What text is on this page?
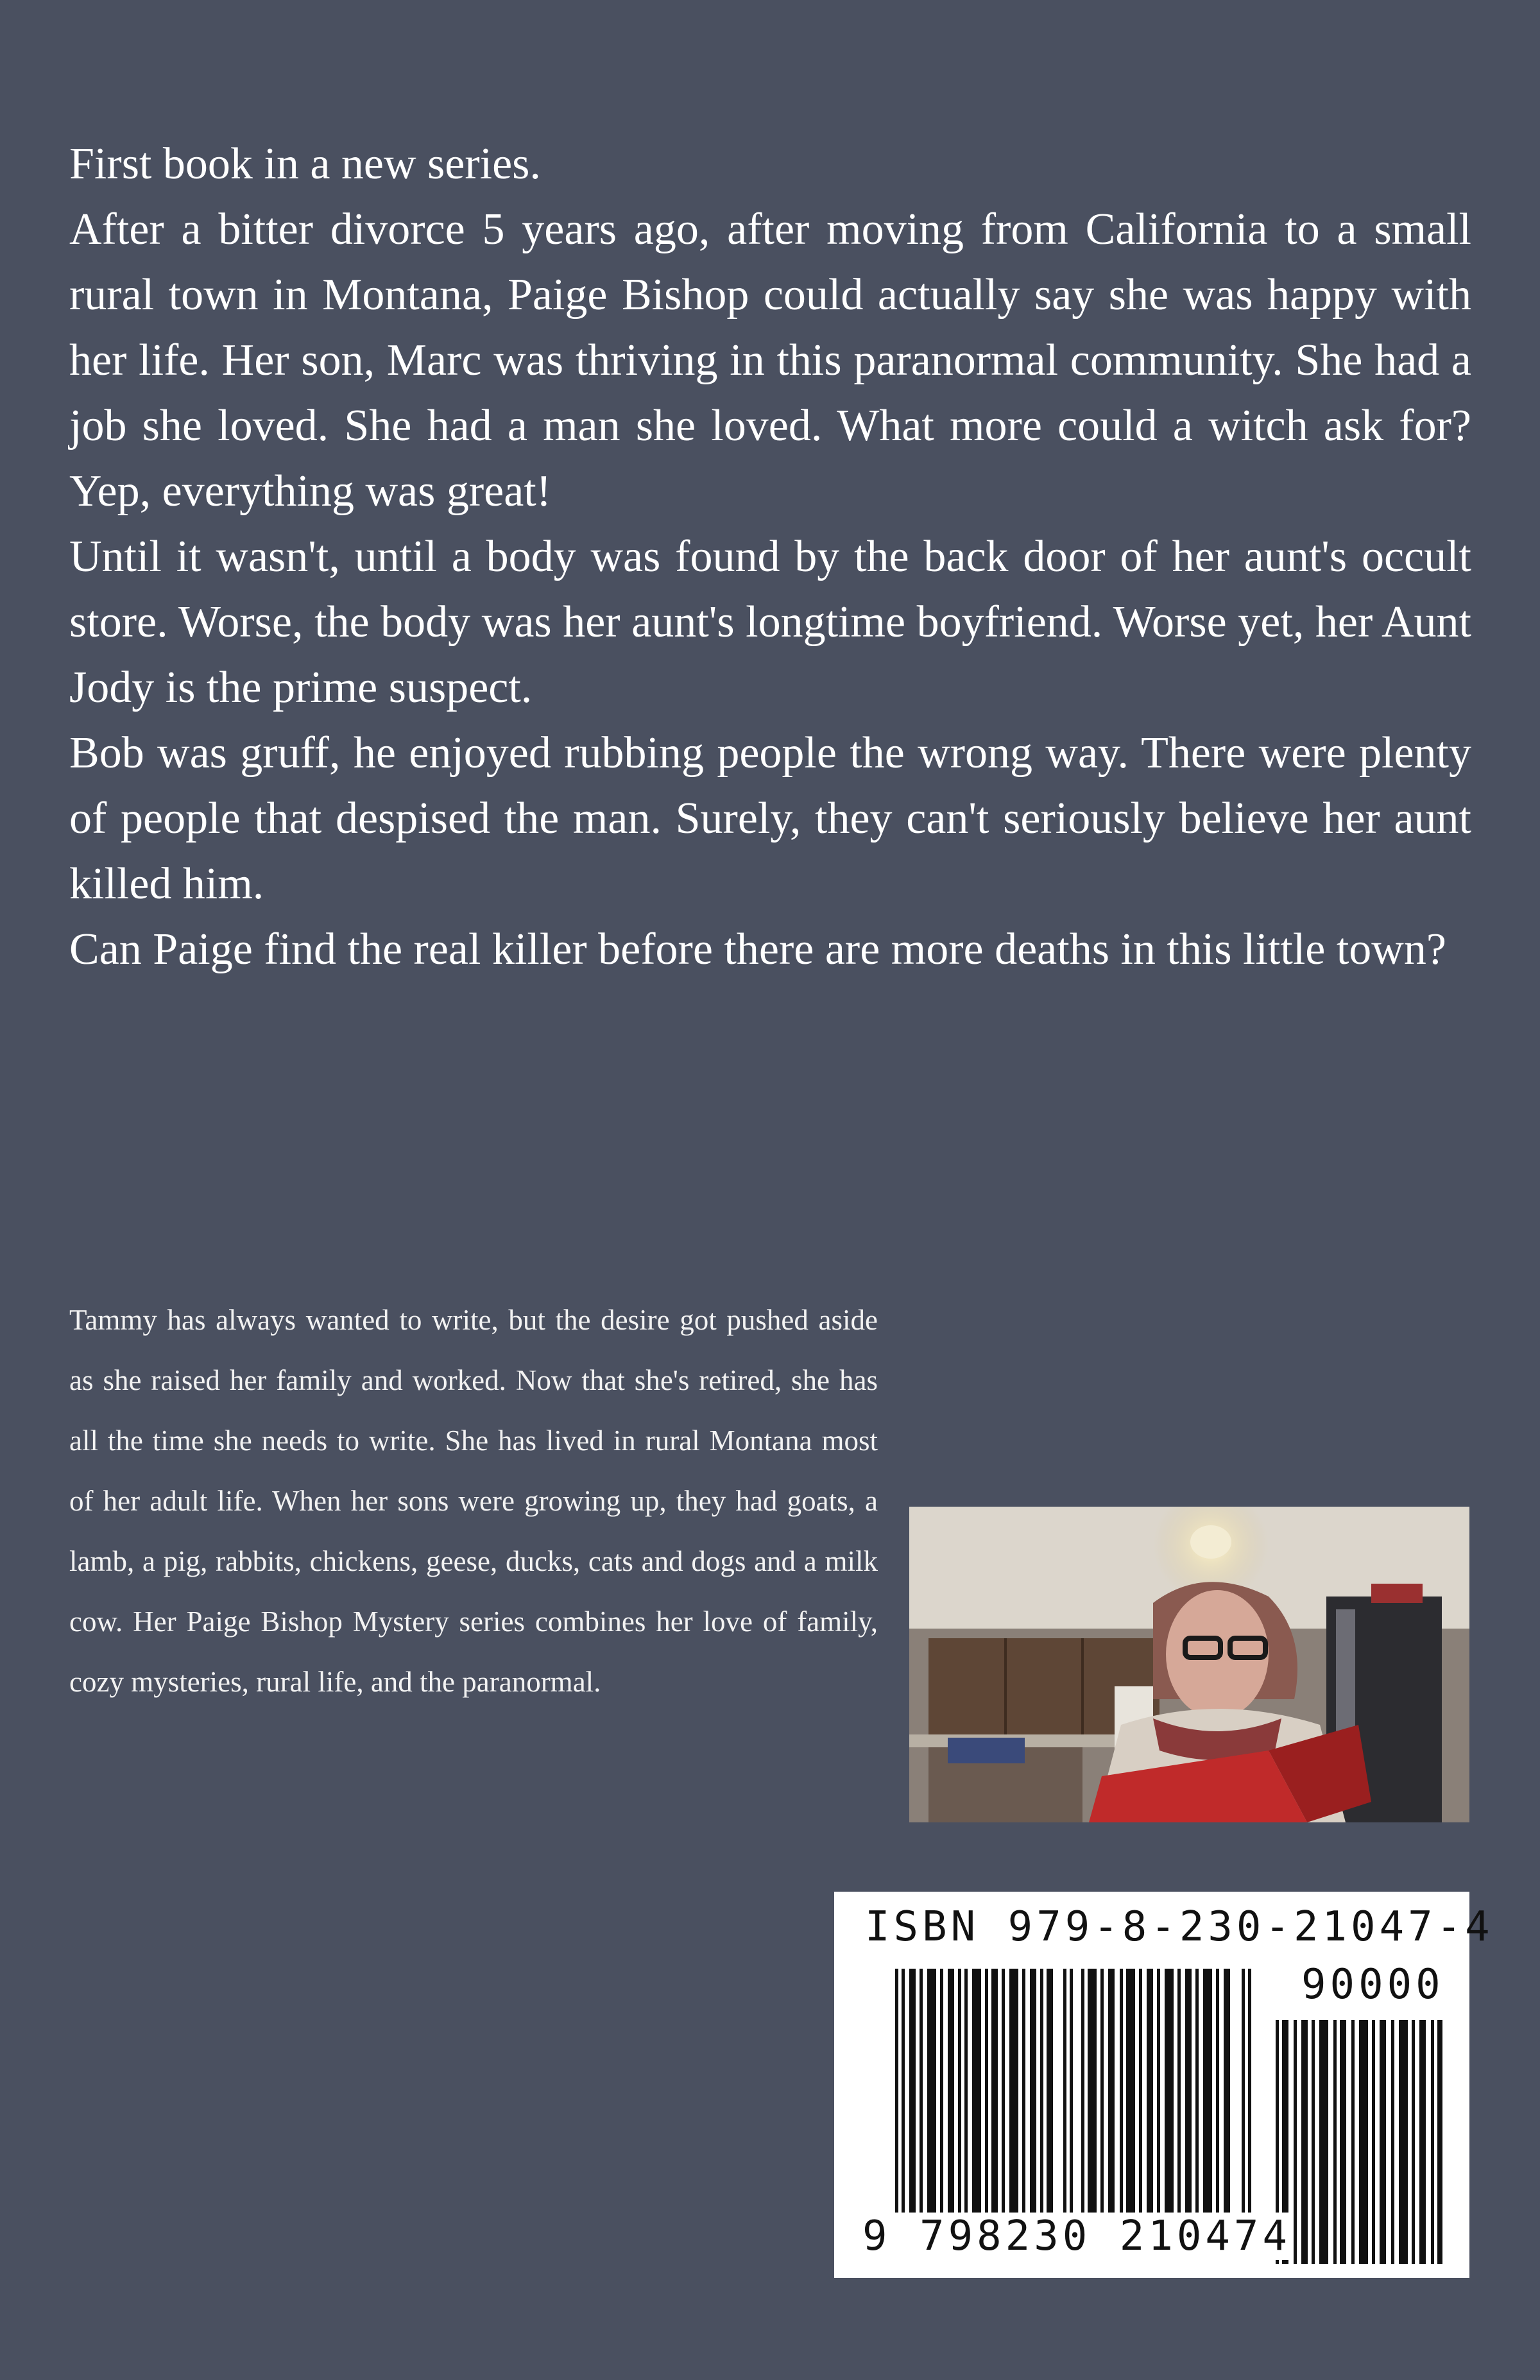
First book in a new series.

After a bitter divorce 5 years ago, after moving from California to a small rural town in Montana, Paige Bishop could actually say she was happy with her life. Her son, Marc was thriving in this paranormal community. She had a job she loved. She had a man she loved. What more could a witch ask for? Yep, everything was great!

Until it wasn't, until a body was found by the back door of her aunt's occult store. Worse, the body was her aunt's longtime boyfriend. Worse yet, her Aunt Jody is the prime suspect.

Bob was gruff, he enjoyed rubbing people the wrong way. There were plenty of people that despised the man. Surely, they can't seriously believe her aunt killed him.

Can Paige find the real killer before there are more deaths in this little town?

Tammy has always wanted to write, but the desire got pushed aside as she raised her family and worked. Now that she's retired, she has all the time she needs to write. She has lived in rural Montana most of her adult life. When her sons were growing up, they had goats, a lamb, a pig, rabbits, chickens, geese, ducks, cats and dogs and a milk cow. Her Paige Bishop Mystery series combines her love of family, cozy mysteries, rural life, and the paranormal.
ISBN 979-8-230-21047-4
90000
9 798230 210474
